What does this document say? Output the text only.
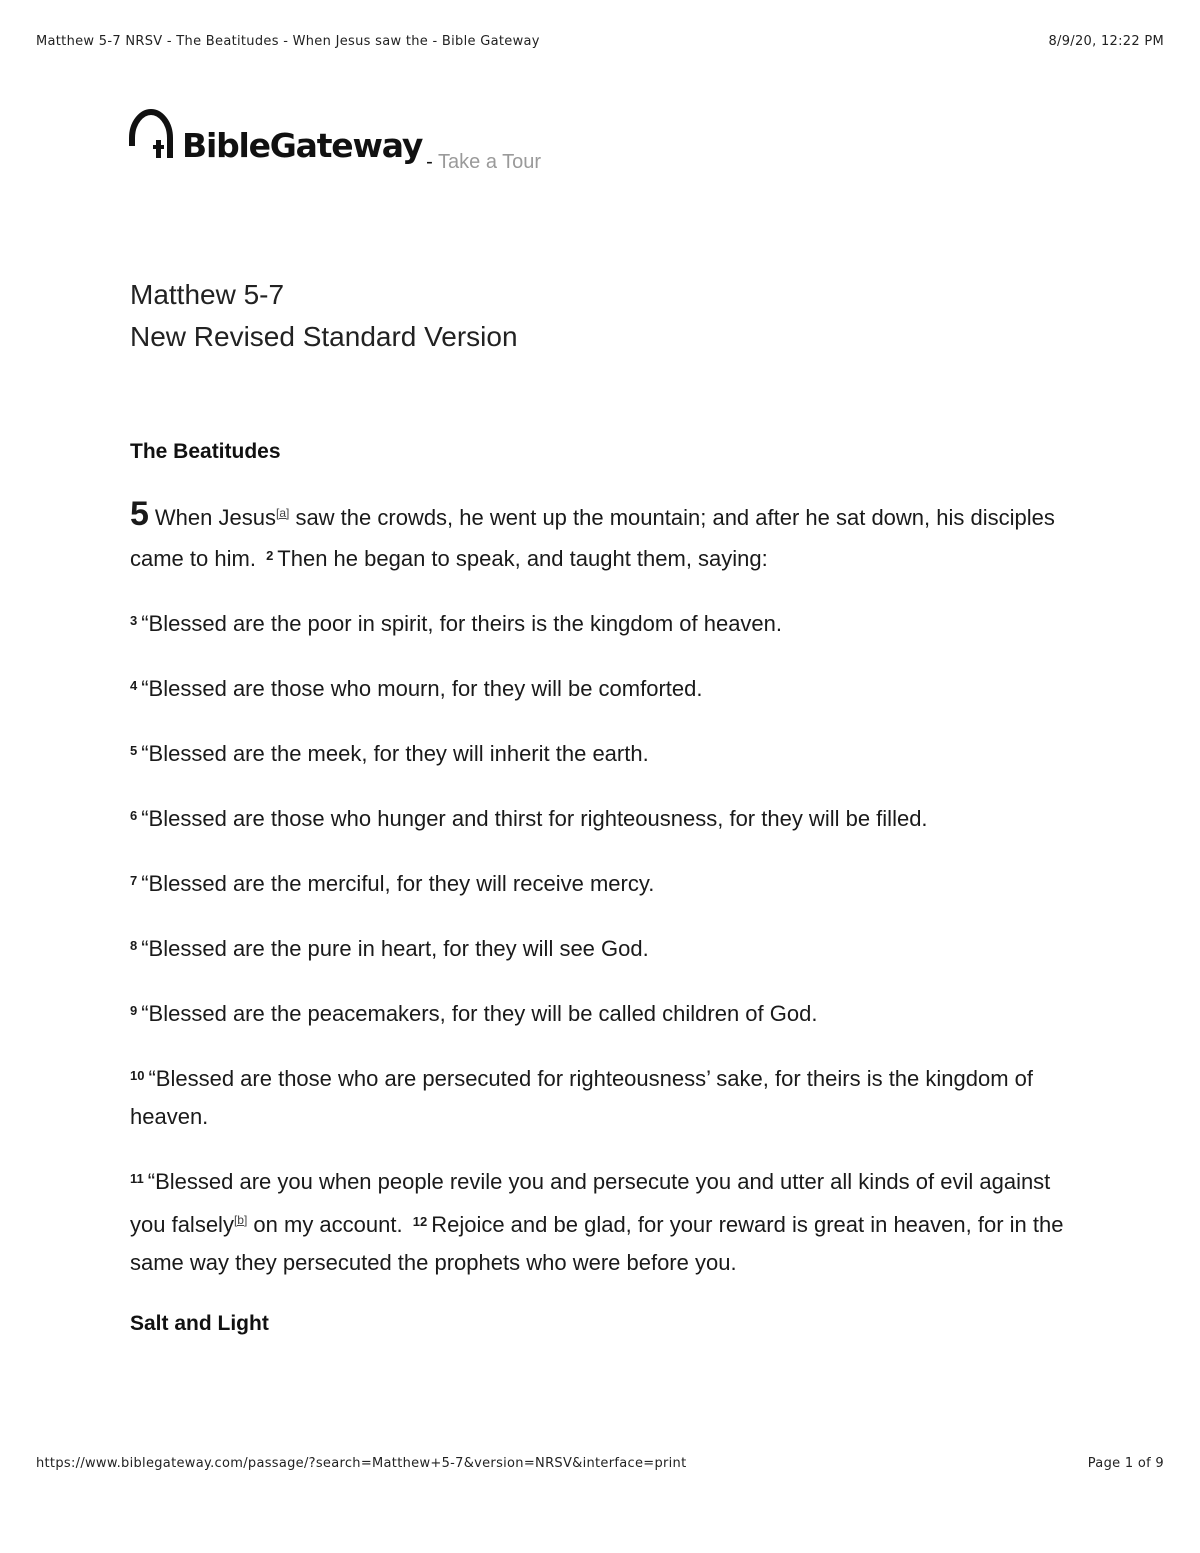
Matthew 5-7 NRSV - The Beatitudes - When Jesus saw the - Bible Gateway	8/9/20, 12:22 PM
BibleGateway - Take a Tour
Matthew 5-7
New Revised Standard Version
The Beatitudes

5 When Jesus[a] saw the crowds, he went up the mountain; and after he sat down, his disciples came to him. $^2$ Then he began to speak, and taught them, saying:

$^3$ “Blessed are the poor in spirit, for theirs is the kingdom of heaven.

$^4$ “Blessed are those who mourn, for they will be comforted.

$^5$ “Blessed are the meek, for they will inherit the earth.

$^6$ “Blessed are those who hunger and thirst for righteousness, for they will be filled.

$^7$ “Blessed are the merciful, for they will receive mercy.

$^8$ “Blessed are the pure in heart, for they will see God.

$^9$ “Blessed are the peacemakers, for they will be called children of God.

$^{10}$ “Blessed are those who are persecuted for righteousness’ sake, for theirs is the kingdom of heaven.

$^{11}$ “Blessed are you when people revile you and persecute you and utter all kinds of evil against you falsely[b] on my account. $^{12}$ Rejoice and be glad, for your reward is great in heaven, for in the same way they persecuted the prophets who were before you.

Salt and Light
https://www.biblegateway.com/passage/?search=Matthew+5-7&version=NRSV&interface=print	Page 1 of 9
